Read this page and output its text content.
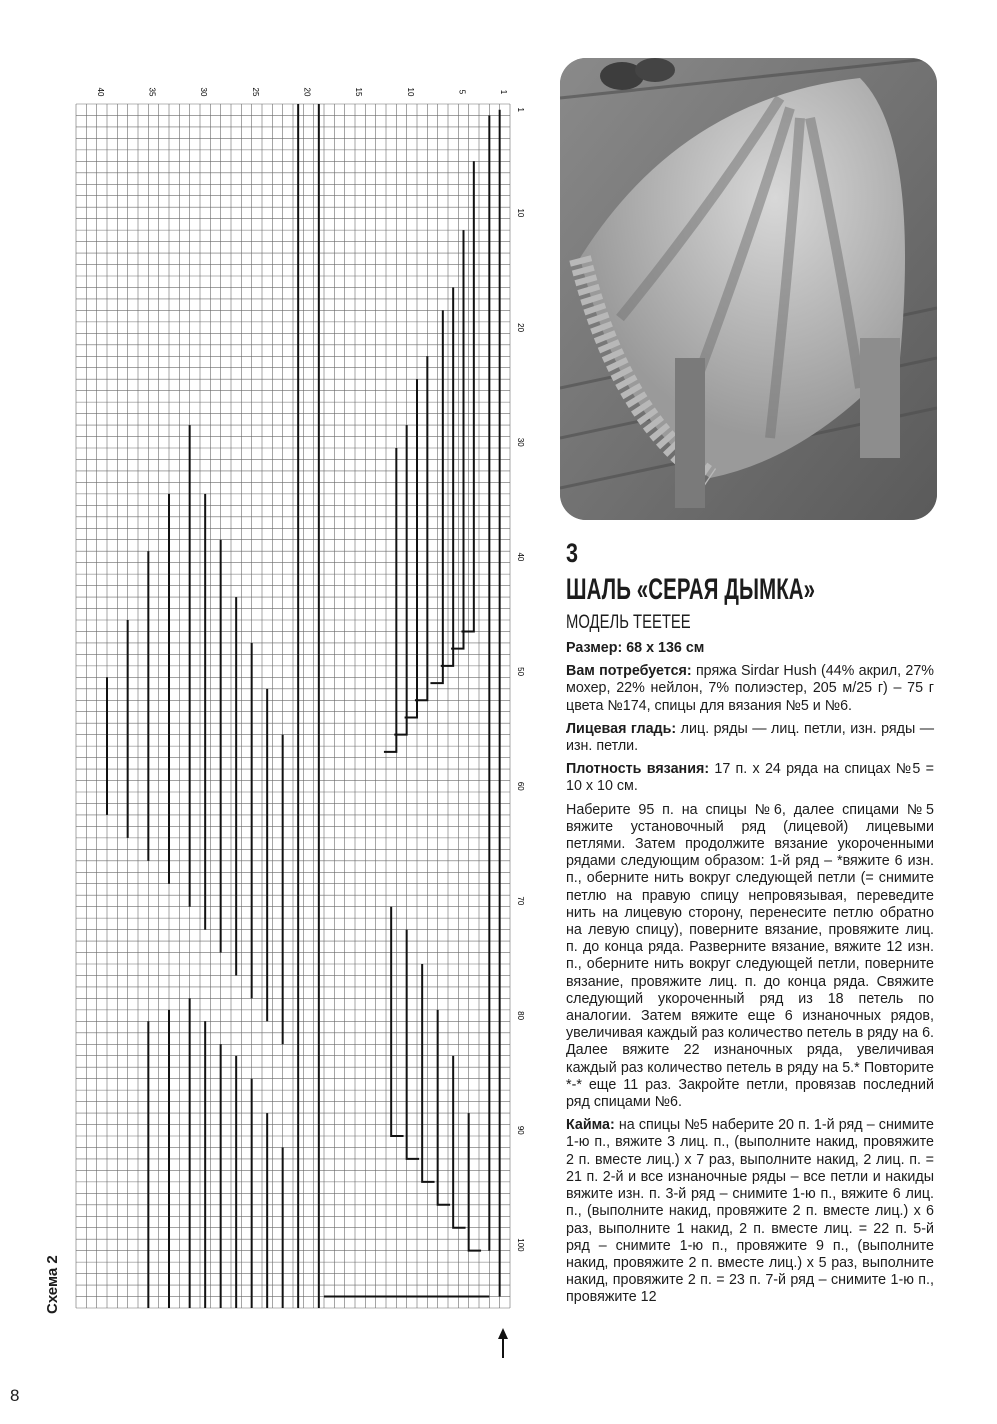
40	35	30	25	20	15	10	5	1
1
10
20
30
40
50
60
70
80
90
100
Схема 2
3
ШАЛЬ «СЕРАЯ ДЫМКА»
МОДЕЛЬ TEETEE

Размер: 68 х 136 см

Вам потребуется: пряжа Sirdar Hush (44% акрил, 27% мохер, 22% нейлон, 7% полиэстер, 205 м/25 г) – 75 г цвета №174, спицы для вязания №5 и №6.

Лицевая гладь: лиц. ряды — лиц. петли, изн. ряды — изн. петли.

Плотность вязания: 17 п. х 24 ряда на спицах №5 = 10 х 10 см.

Наберите 95 п. на спицы №6, далее спицами №5 вяжите установочный ряд (лицевой) лицевыми петлями. Затем продолжите вязание укороченными рядами следующим образом: 1-й ряд – *вяжите 6 изн. п., оберните нить вокруг следующей петли (= снимите петлю на правую спицу непровязывая, переведите нить на лицевую сторону, перенесите петлю обратно на левую спицу), поверните вязание, провяжите лиц. п. до конца ряда. Разверните вязание, вяжите 12 изн. п., оберните нить вокруг следующей петли, поверните вязание, провяжите лиц. п. до конца ряда. Свяжите следующий укороченный ряд из 18 петель по аналогии. Затем вяжите еще 6 изнаночных рядов, увеличивая каждый раз количество петель в ряду на 6. Далее вяжите 22 изнаночных ряда, увеличивая каждый раз количество петель в ряду на 5.* Повторите *-* еще 11 раз. Закройте петли, провязав последний ряд спицами №6.

Кайма: на спицы №5 наберите 20 п. 1-й ряд – снимите 1-ю п., вяжите 3 лиц. п., (выполните накид, провяжите 2 п. вместе лиц.) х 7 раз, выполните накид, 2 лиц. п. = 21 п. 2-й и все изнаночные ряды – все петли и накиды вяжите изн. п. 3-й ряд – снимите 1-ю п., вяжите 6 лиц. п., (выполните накид, провяжите 2 п. вместе лиц.) х 6 раз, выполните 1 накид, 2 п. вместе лиц. = 22 п. 5-й ряд – снимите 1-ю п., провяжите 9 п., (выполните накид, провяжите 2 п. вместе лиц.) х 5 раз, выполните накид, провяжите 2 п. = 23 п. 7-й ряд – снимите 1-ю п., провяжите 12

8
